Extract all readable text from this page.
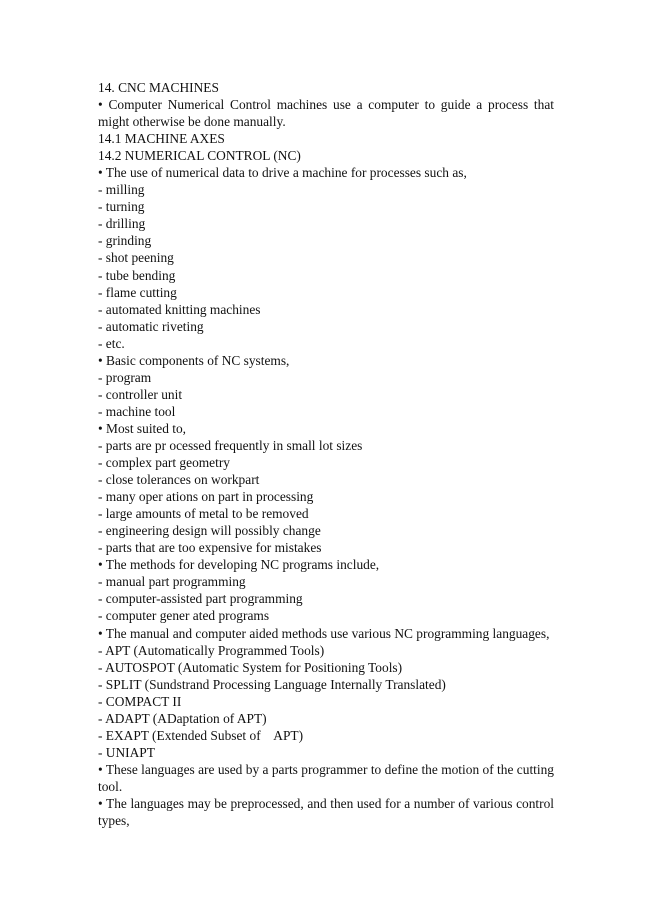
14. CNC MACHINES
• Computer Numerical Control machines use a computer to guide a process that might otherwise be done manually.
14.1 MACHINE AXES
14.2 NUMERICAL CONTROL (NC)
• The use of numerical data to drive a machine for processes such as,
- milling
- turning
- drilling
- grinding
- shot peening
- tube bending
- flame cutting
- automated knitting machines
- automatic riveting
- etc.
• Basic components of NC systems,
- program
- controller unit
- machine tool
• Most suited to,
- parts are pr ocessed frequently in small lot sizes
- complex part geometry
- close tolerances on workpart
- many oper ations on part in processing
- large amounts of metal to be removed
- engineering design will possibly change
- parts that are too expensive for mistakes
• The methods for developing NC programs include,
- manual part programming
- computer-assisted part programming
- computer gener ated programs
• The manual and computer aided methods use various NC programming languages,
- APT (Automatically Programmed Tools)
- AUTOSPOT (Automatic System for Positioning Tools)
- SPLIT (Sundstrand Processing Language Internally Translated)
- COMPACT II
- ADAPT (ADaptation of APT)
- EXAPT (Extended Subset of    APT)
- UNIAPT
• These languages are used by a parts programmer to define the motion of the cutting tool.
• The languages may be preprocessed, and then used for a number of various control types,
